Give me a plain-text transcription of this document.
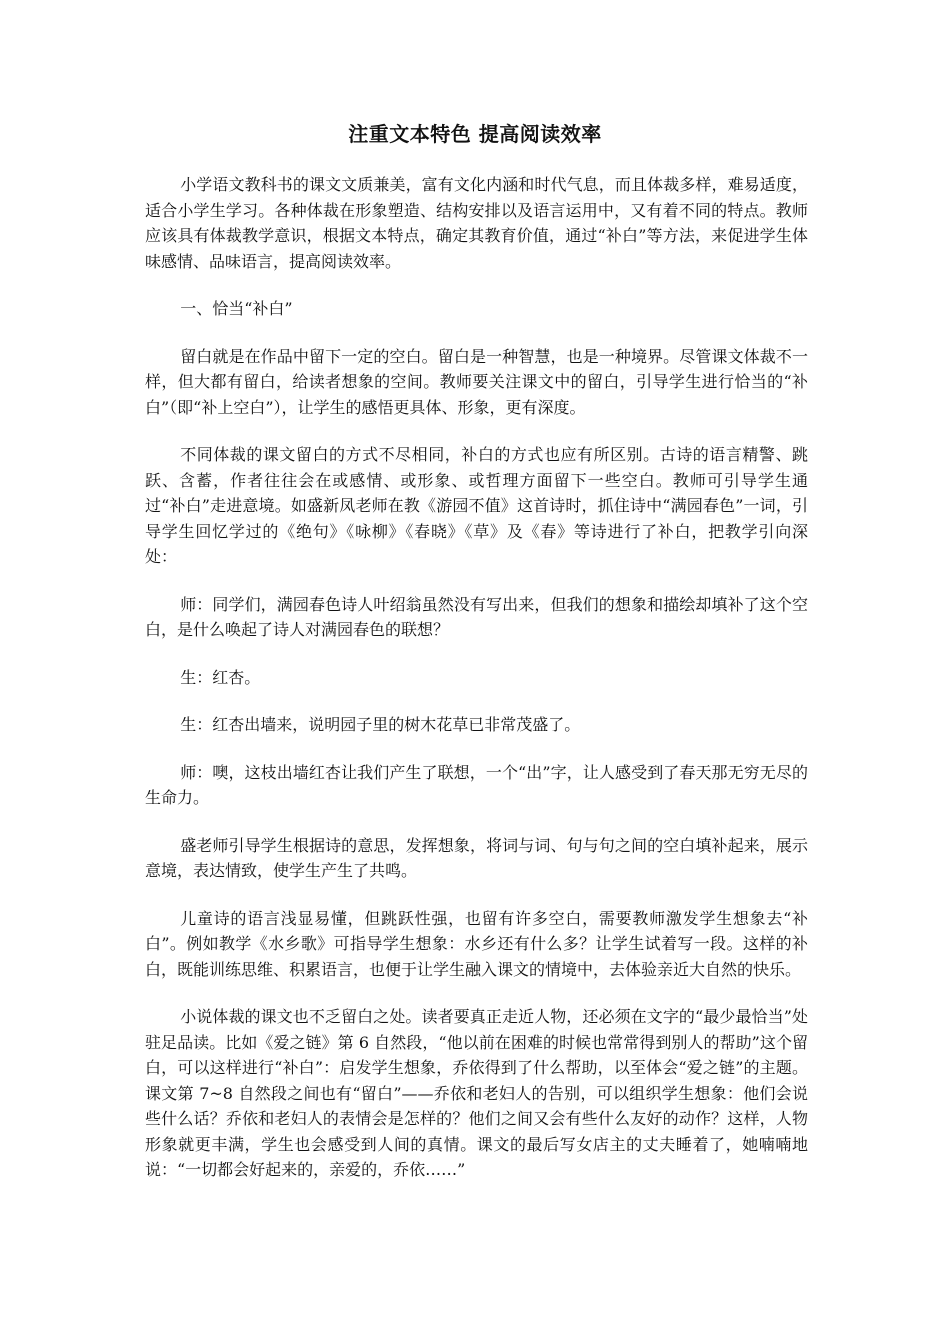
注重文本特色 提高阅读效率

小学语文教科书的课文文质兼美，富有文化内涵和时代气息，而且体裁多样，难易适度，适合小学生学习。各种体裁在形象塑造、结构安排以及语言运用中，又有着不同的特点。教师应该具有体裁教学意识，根据文本特点，确定其教育价值，通过“补白”等方法，来促进学生体味感情、品味语言，提高阅读效率。

一、恰当“补白”

留白就是在作品中留下一定的空白。留白是一种智慧，也是一种境界。尽管课文体裁不一样，但大都有留白，给读者想象的空间。教师要关注课文中的留白，引导学生进行恰当的“补白”（即“补上空白”），让学生的感悟更具体、形象，更有深度。

不同体裁的课文留白的方式不尽相同，补白的方式也应有所区别。古诗的语言精警、跳跃、含蓄，作者往往会在或感情、或形象、或哲理方面留下一些空白。教师可引导学生通过“补白”走进意境。如盛新凤老师在教《游园不值》这首诗时，抓住诗中“满园春色”一词，引导学生回忆学过的《绝句》《咏柳》《春晓》《草》及《春》等诗进行了补白，把教学引向深处：

师：同学们，满园春色诗人叶绍翁虽然没有写出来，但我们的想象和描绘却填补了这个空白，是什么唤起了诗人对满园春色的联想？

生：红杏。

生：红杏出墙来，说明园子里的树木花草已非常茂盛了。

师：噢，这枝出墙红杏让我们产生了联想，一个“出”字，让人感受到了春天那无穷无尽的生命力。

盛老师引导学生根据诗的意思，发挥想象，将词与词、句与句之间的空白填补起来，展示意境，表达情致，使学生产生了共鸣。

儿童诗的语言浅显易懂，但跳跃性强，也留有许多空白，需要教师激发学生想象去“补白”。例如教学《水乡歌》可指导学生想象：水乡还有什么多？让学生试着写一段。这样的补白，既能训练思维、积累语言，也便于让学生融入课文的情境中，去体验亲近大自然的快乐。

小说体裁的课文也不乏留白之处。读者要真正走近人物，还必须在文字的“最少最恰当”处驻足品读。比如《爱之链》第 6 自然段，“他以前在困难的时候也常常得到别人的帮助”这个留白，可以这样进行“补白”：启发学生想象，乔依得到了什么帮助，以至体会“爱之链”的主题。课文第 7~8 自然段之间也有“留白”——乔依和老妇人的告别，可以组织学生想象：他们会说些什么话？乔依和老妇人的表情会是怎样的？他们之间又会有些什么友好的动作？这样，人物形象就更丰满，学生也会感受到人间的真情。课文的最后写女店主的丈夫睡着了，她喃喃地说：“一切都会好起来的，亲爱的，乔依……”
